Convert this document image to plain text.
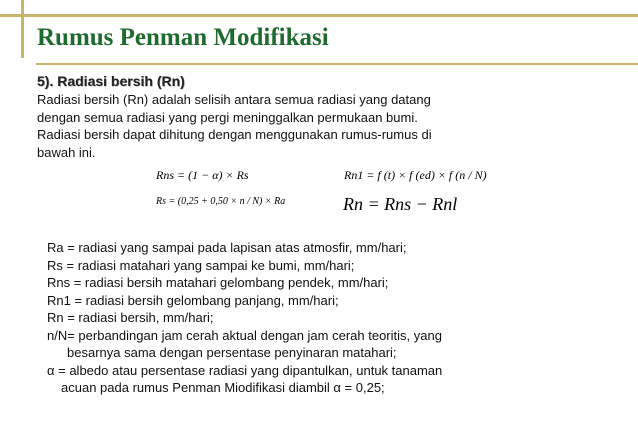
Rumus Penman Modifikasi
5). Radiasi bersih (Rn)
Radiasi bersih (Rn) adalah selisih antara semua radiasi yang datang
dengan semua radiasi yang pergi meninggalkan permukaan bumi.
Radiasi bersih dapat dihitung dengan menggunakan rumus-rumus di
bawah ini.
Rns = (1 − α) × Rs
Rs = (0,25 + 0,50 × n / N) × Ra
Rn1 = f (t) × f (ed) × f (n / N)
Rn = Rns − Rnl
Ra = radiasi yang sampai pada lapisan atas atmosfir, mm/hari;
Rs = radiasi matahari yang sampai ke bumi, mm/hari;
Rns = radiasi bersih matahari gelombang pendek, mm/hari;
Rn1 = radiasi bersih gelombang panjang, mm/hari;
Rn = radiasi bersih, mm/hari;
n/N= perbandingan jam cerah aktual dengan jam cerah teoritis, yang
besarnya sama dengan persentase penyinaran matahari;
α = albedo atau persentase radiasi yang dipantulkan, untuk tanaman
acuan pada rumus Penman Miodifikasi diambil α = 0,25;
